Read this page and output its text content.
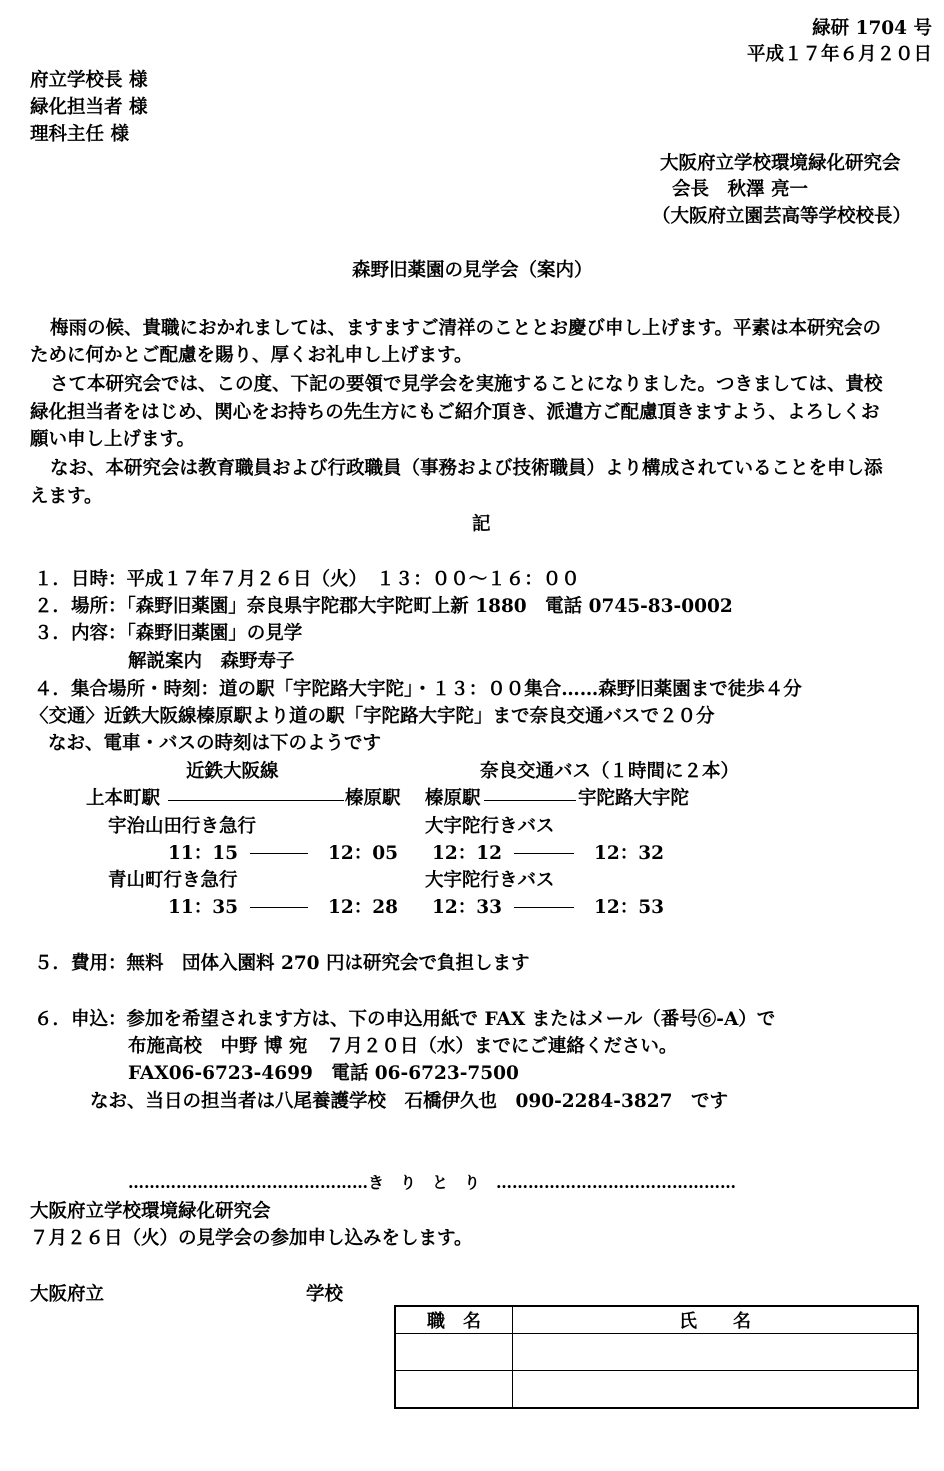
緑研 1704 号
平成１７年６月２０日
府立学校長 様
緑化担当者 様
理科主任 様
大阪府立学校環境緑化研究会
会長　秋澤 亮一
（大阪府立園芸高等学校校長）
森野旧薬園の見学会（案内）
梅雨の候、貴職におかれましては、ますますご清祥のこととお慶び申し上げます。平素は本研究会の
ために何かとご配慮を賜り、厚くお礼申し上げます。
さて本研究会では、この度、下記の要領で見学会を実施することになりました。つきましては、貴校
緑化担当者をはじめ、関心をお持ちの先生方にもご紹介頂き、派遣方ご配慮頂きますよう、よろしくお
願い申し上げます。
なお、本研究会は教育職員および行政職員（事務および技術職員）より構成されていることを申し添
えます。
記
１．日時：平成１７年７月２６日（火）　１３：００～１６：００
２．場所：「森野旧薬園」奈良県宇陀郡大宇陀町上新 1880　電話 0745-83-0002
３．内容：「森野旧薬園」の見学
解説案内　森野寿子
４．集合場所・時刻：道の駅「宇陀路大宇陀」・１３：００集合……森野旧薬園まで徒歩４分
〈交通〉近鉄大阪線榛原駅より道の駅「宇陀路大宇陀」まで奈良交通バスで２０分
なお、電車・バスの時刻は下のようです
近鉄大阪線	奈良交通バス（１時間に２本）
上本町駅	榛原駅 榛原駅	宇陀路大宇陀
宇治山田行き急行	大宇陀行きバス
11：15	12：05 12：12	12：32
青山町行き急行	大宇陀行きバス
11：35	12：28 12：33	12：53
５．費用：無料　団体入園料 270 円は研究会で負担します
６．申込：参加を希望されます方は、下の申込用紙で FAX またはメール（番号⑥-A）で
布施高校　中野 博 宛　７月２０日（水）までにご連絡ください。
FAX06-6723-4699　電話 06-6723-7500
なお、当日の担当者は八尾養護学校　石橋伊久也　090-2284-3827　です
………………………………………き　り　と　り　………………………………………
大阪府立学校環境緑化研究会
７月２６日（火）の見学会の参加申し込みをします。
大阪府立	学校
職　名	氏　　名
